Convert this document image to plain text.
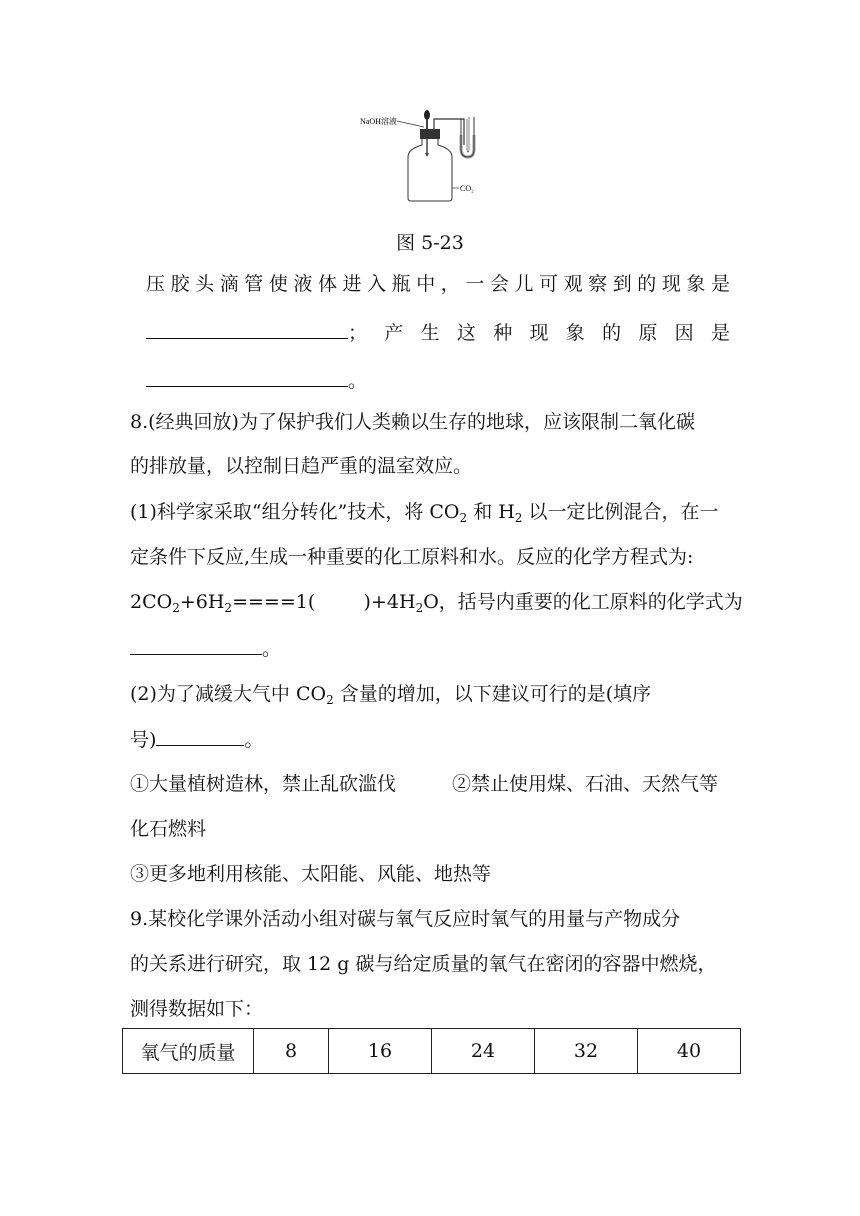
NaOH溶液
CO₂
图 5-23
压胶头滴管使液体进入瓶中，一会儿可观察到的现象是
；产生这种现象的原因是
。
8.(经典回放)为了保护我们人类赖以生存的地球，应该限制二氧化碳
的排放量，以控制日趋严重的温室效应。
(1)科学家采取“组分转化”技术，将 $CO_2$ 和 $H_2$ 以一定比例混合，在一
定条件下反应,生成一种重要的化工原料和水。反应的化学方程式为:
$2CO_2+6H_2====1$(        )$+4H_2O$，括号内重要的化工原料的化学式为
。
(2)为了减缓大气中 $CO_2$ 含量的增加，以下建议可行的是(填序
号)	。
①大量植树造林，禁止乱砍滥伐	②禁止使用煤、石油、天然气等
化石燃料
③更多地利用核能、太阳能、风能、地热等
9.某校化学课外活动小组对碳与氧气反应时氧气的用量与产物成分
的关系进行研究，取 12 g 碳与给定质量的氧气在密闭的容器中燃烧，
测得数据如下：
氧气的质量	8	16	24	32	40
